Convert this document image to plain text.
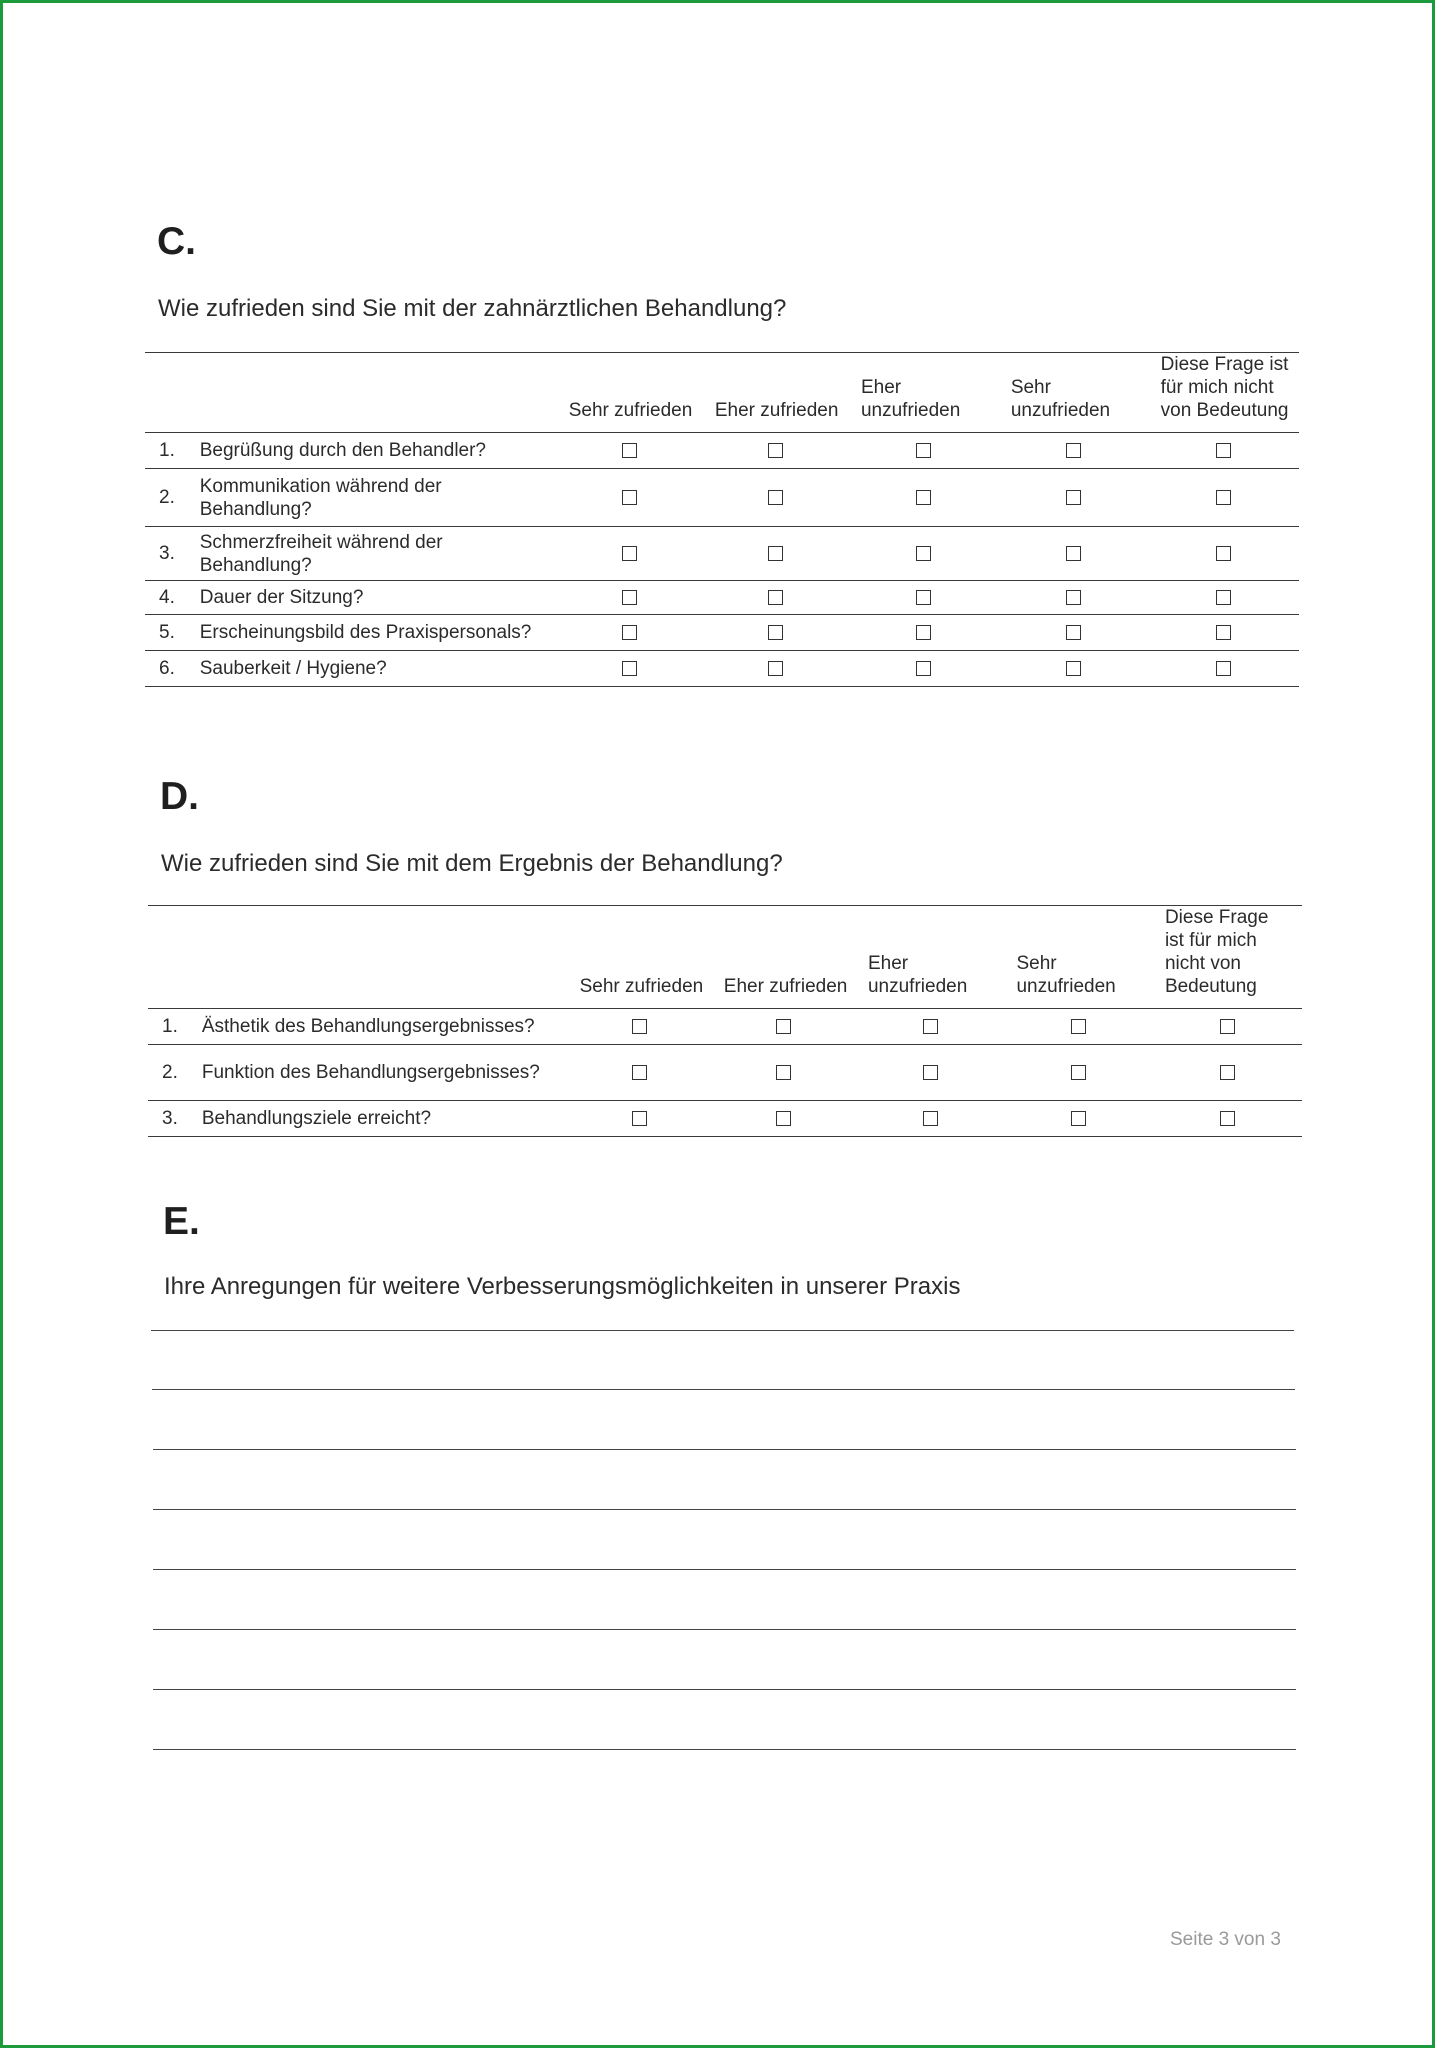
C.
Wie zufrieden sind Sie mit der zahnärztlichen Behandlung?
		Sehr zufrieden	Eher zufrieden	Eher unzufrieden	Sehr unzufrieden	Diese Frage ist für mich nicht von Bedeutung
1.	Begrüßung durch den Behandler?					
2.	Kommunikation während der Behandlung?					
3.	Schmerzfreiheit während der Behandlung?					
4.	Dauer der Sitzung?					
5.	Erscheinungsbild des Praxispersonals?					
6.	Sauberkeit / Hygiene?					
D.
Wie zufrieden sind Sie mit dem Ergebnis der Behandlung?
		Sehr zufrieden	Eher zufrieden	Eher unzufrieden	Sehr unzufrieden	Diese Frage ist für mich nicht von Bedeutung
1.	Ästhetik des Behandlungsergebnisses?					
2.	Funktion des Behandlungsergebnisses?					
3.	Behandlungsziele erreicht?					
E.
Ihre Anregungen für weitere Verbesserungsmöglichkeiten in unserer Praxis
Seite 3 von 3
